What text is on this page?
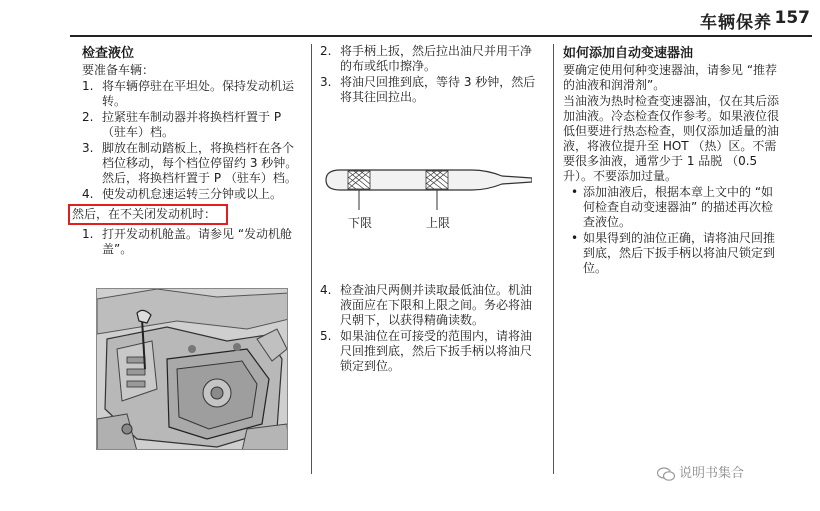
车辆保养 157
检查液位
要准备车辆：
1. 将车辆停驻在平坦处。保持发动机运转。
2. 拉紧驻车制动器并将换档杆置于 P （驻车）档。
3. 脚放在制动踏板上，将换档杆在各个档位移动，每个档位停留约 3 秒钟。然后，将换档杆置于 P （驻车）档。
4. 使发动机怠速运转三分钟或以上。
然后，在不关闭发动机时：
1. 打开发动机舱盖。请参见 “发动机舱盖”。
2. 将手柄上扳，然后拉出油尺并用干净的布或纸巾擦净。
3. 将油尺回推到底，等待 3 秒钟，然后将其往回拉出。
下限	上限
4. 检查油尺两侧并读取最低油位。机油液面应在下限和上限之间。务必将油尺朝下，以获得精确读数。
5. 如果油位在可接受的范围内，请将油尺回推到底，然后下扳手柄以将油尺锁定到位。
如何添加自动变速器油
要确定使用何种变速器油，请参见 “推荐的油液和润滑剂”。
当油液为热时检查变速器油，仅在其后添加油液。冷态检查仅作参考。如果液位很低但要进行热态检查，则仅添加适量的油液，将液位提升至 HOT （热）区。不需要很多油液，通常少于 1 品脱 （0.5 升）。不要添加过量。
• 添加油液后，根据本章上文中的 “如何检查自动变速器油” 的描述再次检查液位。
• 如果得到的油位正确，请将油尺回推到底，然后下扳手柄以将油尺锁定到位。
说明书集合
